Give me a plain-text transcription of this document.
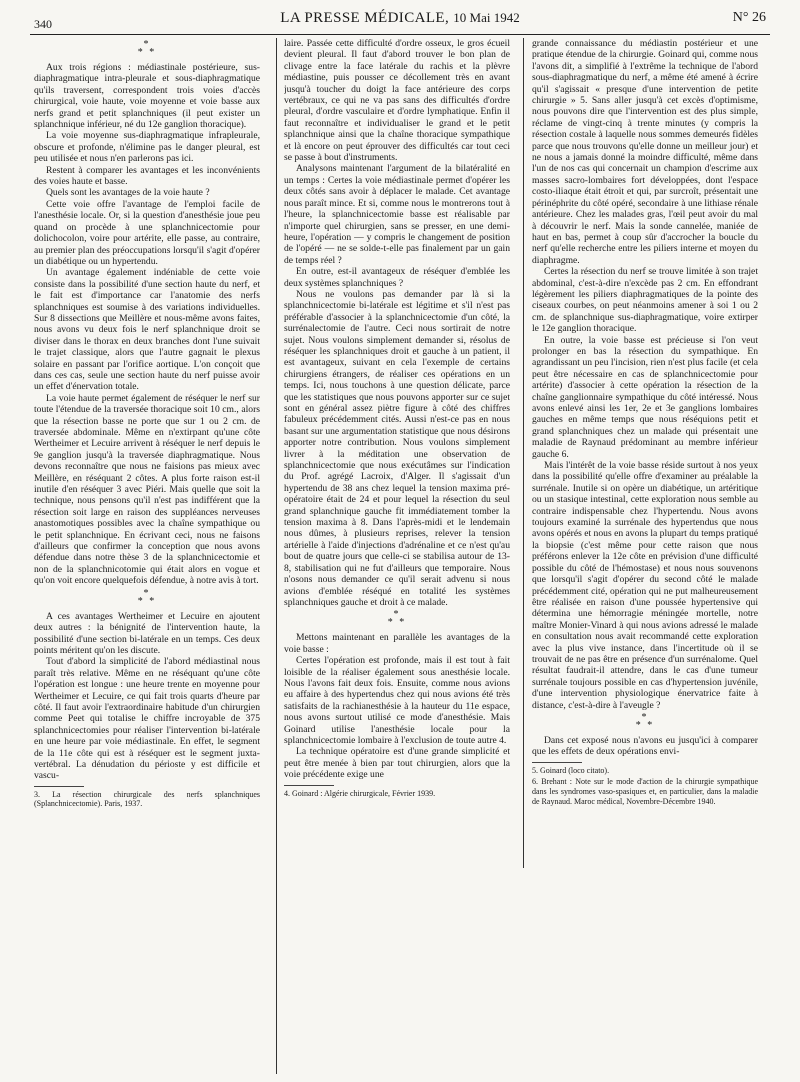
340	LA PRESSE MÉDICALE, 10 Mai 1942	N° 26
*
* *

Aux trois régions : médiastinale postérieure, sus-diaphragmatique intra-pleurale et sous-diaphragmatique qu'ils traversent, correspondent trois voies d'accès chirurgical, voie haute, voie moyenne et voie basse aux nerfs grand et petit splanchniques (il peut exister un splanchnique inférieur, né du 12e ganglion thoracique).

La voie moyenne sus-diaphragmatique infrapleurale, obscure et profonde, n'élimine pas le danger pleural, est peu utilisée et nous n'en parlerons pas ici.

Restent à comparer les avantages et les inconvénients des voies haute et basse.

Quels sont les avantages de la voie haute ?

Cette voie offre l'avantage de l'emploi facile de l'anesthésie locale. Or, si la question d'anesthésie joue peu quand on procède à une splanchnicectomie pour dolichocolon, voire pour artérite, elle passe, au contraire, au premier plan des préoccupations lorsqu'il s'agit d'opérer un diabétique ou un hypertendu.

Un avantage également indéniable de cette voie consiste dans la possibilité d'une section haute du nerf, et le fait est d'importance car l'anatomie des nerfs splanchniques est soumise à des variations individuelles. Sur 8 dissections que Meillère et nous-même avons faites, nous avons vu deux fois le nerf splanchnique droit se diviser dans le thorax en deux branches dont l'une suivait le trajet classique, alors que l'autre gagnait le plexus solaire en passant par l'orifice aortique. L'on conçoit que dans ces cas, seule une section haute du nerf puisse avoir un effet d'énervation totale.

La voie haute permet également de réséquer le nerf sur toute l'étendue de la traversée thoracique soit 10 cm., alors que la résection basse ne porte que sur 1 ou 2 cm. de traversée abdominale. Même en n'extirpant qu'une côte Wertheimer et Lecuire arrivent à réséquer le nerf depuis le 9e ganglion jusqu'à la traversée diaphragmatique. Nous devons reconnaître que nous ne faisions pas mieux avec Meillère, en réséquant 2 côtes. A plus forte raison est-il inutile d'en réséquer 3 avec Piéri. Mais quelle que soit la technique, nous pensons qu'il n'est pas indifférent que la résection soit large en raison des suppléances nerveuses anastomotiques possibles avec la chaîne sympathique ou le petit splanchnique. En écrivant ceci, nous ne faisons d'ailleurs que confirmer la conception que nous avons défendue dans notre thèse 3 de la splanchnicectomie et non de la splanchnicotomie qui était alors en vogue et qu'on voit encore quelquefois défendue, à notre avis à tort.

*
* *

A ces avantages Wertheimer et Lecuire en ajoutent deux autres : la bénignité de l'intervention haute, la possibilité d'une section bi-latérale en un temps. Ces deux points méritent qu'on les discute.

Tout d'abord la simplicité de l'abord médiastinal nous paraît très relative. Même en ne réséquant qu'une côte l'opération est longue : une heure trente en moyenne pour Wertheimer et Lecuire, ce qui fait trois quarts d'heure par côté. Il faut avoir l'extraordinaire habitude d'un chirurgien comme Peet qui totalise le chiffre incroyable de 375 splanchnicectomies pour réaliser l'intervention bi-latérale en une heure par voie médiastinale. En effet, le segment de la 11e côte qui est à réséquer est le segment juxta-vertébral. La dénudation du périoste y est difficile et vascu-

3. La résection chirurgicale des nerfs splanchniques (Splanchnicectomie). Paris, 1937.

laire. Passée cette difficulté d'ordre osseux, le gros écueil devient pleural. Il faut d'abord trouver le bon plan de clivage entre la face latérale du rachis et la plèvre médiastine, puis pousser ce décollement très en avant jusqu'à toucher du doigt la face antérieure des corps vertébraux, ce qui ne va pas sans des difficultés d'ordre pleural, d'ordre vasculaire et d'ordre lymphatique. Enfin il faut reconnaître et individualiser le grand et le petit splanchnique ainsi que la chaîne thoracique sympathique et là encore on peut éprouver des difficultés car tout ceci se passe à bout d'instruments.

Analysons maintenant l'argument de la bilatéralité en un temps : Certes la voie médiastinale permet d'opérer les deux côtés sans avoir à déplacer le malade. Cet avantage nous paraît mince. Et si, comme nous le montrerons tout à l'heure, la splanchnicectomie basse est réalisable par n'importe quel chirurgien, sans se presser, en une demi-heure, l'opération — y compris le changement de position de l'opéré — ne se solde-t-elle pas finalement par un gain de temps réel ?

En outre, est-il avantageux de réséquer d'emblée les deux systèmes splanchniques ?

Nous ne voulons pas demander par là si la splanchnicectomie bi-latérale est légitime et s'il n'est pas préférable d'associer à la splanchnicectomie d'un côté, la surrénalectomie de l'autre. Ceci nous sortirait de notre sujet. Nous voulons simplement demander si, résolus de réséquer les splanchniques droit et gauche à un patient, il est avantageux, suivant en cela l'exemple de certains chirurgiens étrangers, de réaliser ces opérations en un temps. Ici, nous touchons à une question délicate, parce que les statistiques que nous pouvons apporter sur ce sujet sont en général assez piètre figure à côté des chiffres fabuleux précédemment cités. Aussi n'est-ce pas en nous basant sur une argumentation statistique que nous désirons apporter notre contribution. Nous voulons simplement livrer à la méditation une observation de splanchnicectomie que nous exécutâmes sur l'indication du Prof. agrégé Lacroix, d'Alger. Il s'agissait d'un hypertendu de 38 ans chez lequel la tension maxima pré-opératoire était de 24 et pour lequel la résection du seul grand splanchnique gauche fit immédiatement tomber la tension maxima à 8. Dans l'après-midi et le lendemain nous dûmes, à plusieurs reprises, relever la tension artérielle à l'aide d'injections d'adrénaline et ce n'est qu'au bout de quatre jours que celle-ci se stabilisa autour de 13-8, stabilisation qui ne fut d'ailleurs que temporaire. Nous n'osons nous demander ce qu'il serait advenu si nous avions d'emblée réséqué en totalité les systèmes splanchniques gauche et droit à ce malade.

*
* *

Mettons maintenant en parallèle les avantages de la voie basse :

Certes l'opération est profonde, mais il est tout à fait loisible de la réaliser également sous anesthésie locale. Nous l'avons fait deux fois. Ensuite, comme nous avions eu affaire à des hypertendus chez qui nous avions été très satisfaits de la rachianesthésie à la hauteur du 11e espace, nous avons surtout utilisé ce mode d'anesthésie. Mais Goinard utilise l'anesthésie locale pour la splanchnicectomie lombaire à l'exclusion de toute autre 4.

La technique opératoire est d'une grande simplicité et peut être menée à bien par tout chirurgien, alors que la voie précédente exige une

4. Goinard : Algérie chirurgicale, Février 1939.

grande connaissance du médiastin postérieur et une pratique étendue de la chirurgie. Goinard qui, comme nous l'avons dit, a simplifié à l'extrême la technique de l'abord sous-diaphragmatique du nerf, a même été amené à écrire qu'il s'agissait « presque d'une intervention de petite chirurgie » 5. Sans aller jusqu'à cet excès d'optimisme, nous pouvons dire que l'intervention est des plus simple, réclame de vingt-cinq à trente minutes (y compris la résection costale à laquelle nous sommes demeurés fidèles parce que nous trouvons qu'elle donne un meilleur jour) et ne nous a jamais donné la moindre difficulté, même dans l'un de nos cas qui concernait un champion d'escrime aux masses sacro-lombaires fort développées, dont l'espace costo-iliaque était étroit et qui, par surcroît, présentait une périnéphrite du côté opéré, secondaire à une lithiase rénale antérieure. Chez les malades gras, l'œil peut avoir du mal à découvrir le nerf. Mais la sonde cannelée, maniée de haut en bas, permet à coup sûr d'accrocher la boucle du nerf qu'elle recherche entre les piliers interne et moyen du diaphragme.

Certes la résection du nerf se trouve limitée à son trajet abdominal, c'est-à-dire n'excède pas 2 cm. En effondrant légèrement les piliers diaphragmatiques de la pointe des ciseaux courbes, on peut néanmoins amener à soi 1 ou 2 cm. de splanchnique sus-diaphragmatique, voire extirper le 12e ganglion thoracique.

En outre, la voie basse est précieuse si l'on veut prolonger en bas la résection du sympathique. En agrandissant un peu l'incision, rien n'est plus facile (et cela peut être nécessaire en cas de splanchnicectomie pour artérite) d'associer à cette opération la résection de la chaîne ganglionnaire sympathique du côté intéressé. Nous avons enlevé ainsi les 1er, 2e et 3e ganglions lombaires gauches en même temps que nous réséquions petit et grand splanchniques chez un malade qui présentait une maladie de Raynaud prédominant au membre inférieur gauche 6.

Mais l'intérêt de la voie basse réside surtout à nos yeux dans la possibilité qu'elle offre d'examiner au préalable la surrénale. Inutile si on opère un diabétique, un artéritique ou un stasique intestinal, cette exploration nous semble au contraire indispensable chez l'hypertendu. Nous avons toujours examiné la surrénale des hypertendus que nous avons opérés et nous en avons la plupart du temps pratiqué la biopsie (c'est même pour cette raison que nous préférons enlever la 12e côte en prévision d'une difficulté possible du côté de l'hémostase) et nous nous souvenons que lorsqu'il s'agit d'opérer du second côté le malade précédemment cité, opération qui ne put malheureusement être réalisée en raison d'une poussée hypertensive qui détermina une hémorragie méningée mortelle, notre maître Monier-Vinard à qui nous avions adressé le malade en consultation nous avait recommandé cette exploration avec la plus vive instance, dans l'incertitude où il se trouvait de ne pas être en présence d'un surrénalome. Quel résultat faudrait-il attendre, dans le cas d'une tumeur surrénale toujours possible en cas d'hypertension juvénile, d'une intervention physiologique énervatrice faite à distance, c'est-à-dire à l'aveugle ?

*
* *

Dans cet exposé nous n'avons eu jusqu'ici à comparer que les effets de deux opérations envi-

5. Goinard (loco citato).
6. Brehant : Note sur le mode d'action de la chirurgie sympathique dans les syndromes vaso-spasiques et, en particulier, dans la maladie de Raynaud. Maroc médical, Novembre-Décembre 1940.
